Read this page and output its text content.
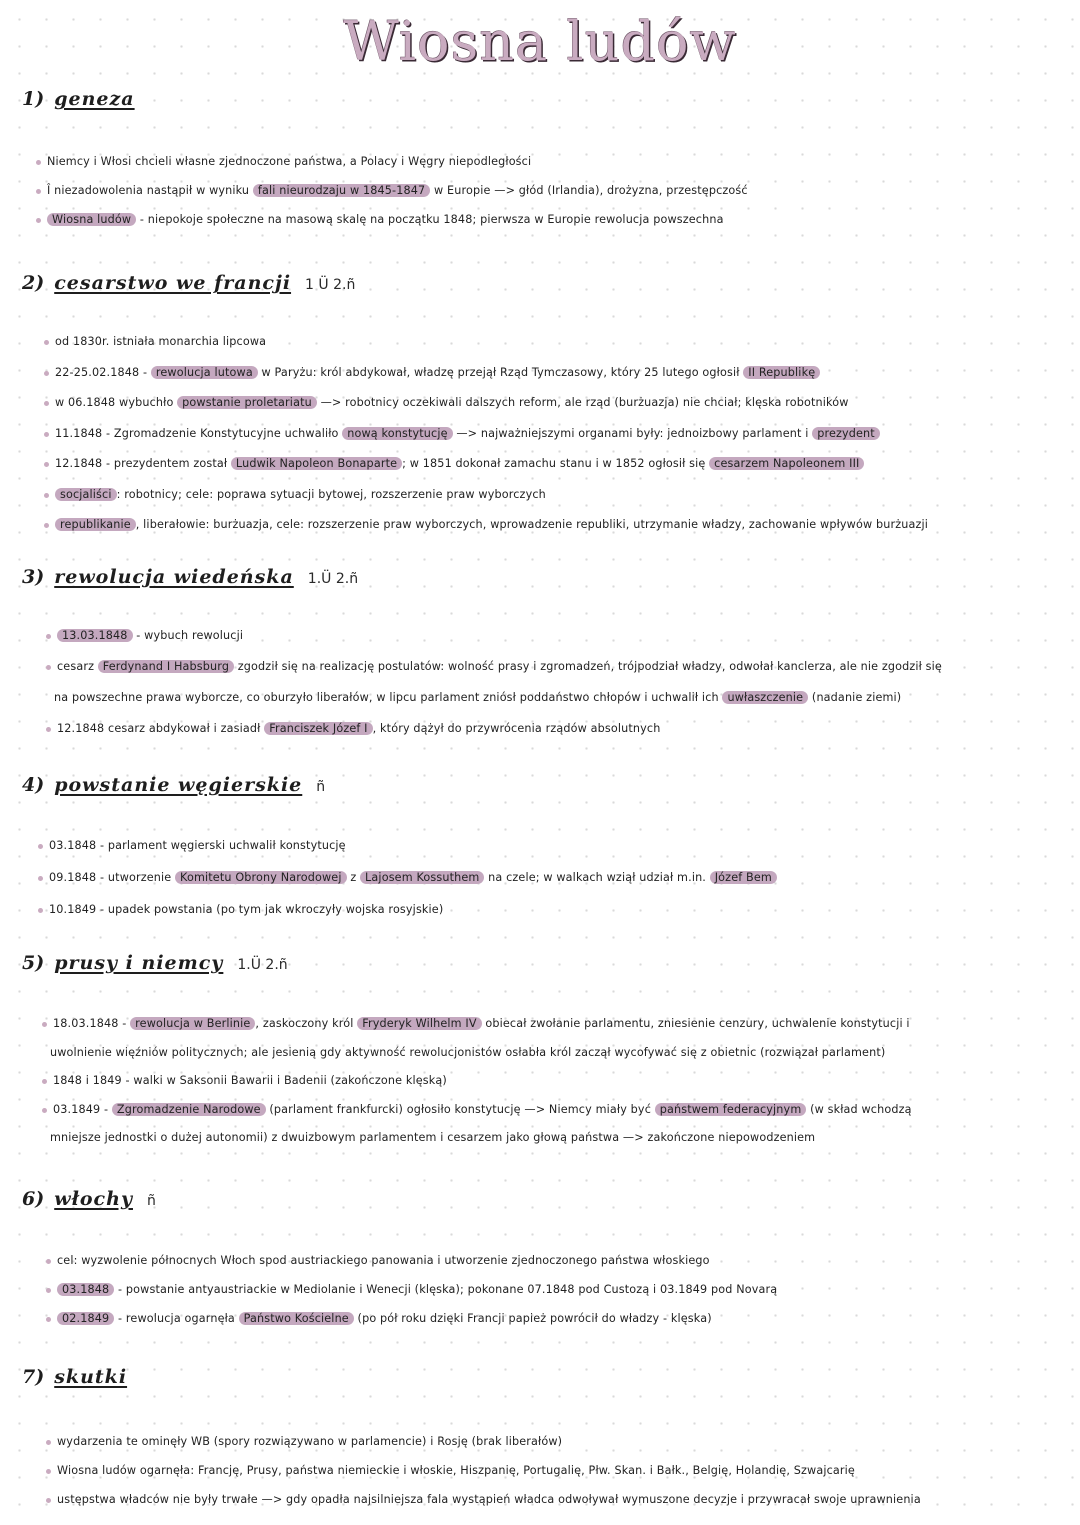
Wiosna ludów
1) geneza
Niemcy i Włosi chcieli własne zjednoczone państwa, a Polacy i Węgry niepodległości
Î niezadowolenia nastąpił w wyniku fali nieurodzaju w 1845-1847 w Europie —> głód (Irlandia), drożyzna, przestępczość
Wiosna ludów - niepokoje społeczne na masową skalę na początku 1848; pierwsza w Europie rewolucja powszechna
2) cesarstwo we francji 1 Ü 2.ñ
od 1830r. istniała monarchia lipcowa
22-25.02.1848 - rewolucja lutowa w Paryżu: król abdykował, władzę przejął Rząd Tymczasowy, który 25 lutego ogłosił II Republikę
w 06.1848 wybuchło powstanie proletariatu —> robotnicy oczekiwali dalszych reform, ale rząd (burżuazja) nie chciał; klęska robotników
11.1848 - Zgromadzenie Konstytucyjne uchwaliło nową konstytucję —> najważniejszymi organami były: jednoizbowy parlament i prezydent
12.1848 - prezydentem został Ludwik Napoleon Bonaparte ; w 1851 dokonał zamachu stanu i w 1852 ogłosił się cesarzem Napoleonem III
socjaliści : robotnicy; cele: poprawa sytuacji bytowej, rozszerzenie praw wyborczych
republikanie , liberałowie: burżuazja, cele: rozszerzenie praw wyborczych, wprowadzenie republiki, utrzymanie władzy, zachowanie wpływów burżuazji
3) rewolucja wiedeńska 1.Ü 2.ñ
13.03.1848 - wybuch rewolucji
cesarz Ferdynand I Habsburg zgodził się na realizację postulatów: wolność prasy i zgromadzeń, trójpodział władzy, odwołał kanclerza, ale nie zgodził się
na powszechne prawa wyborcze, co oburzyło liberałów, w lipcu parlament zniósł poddaństwo chłopów i uchwalił ich uwłaszczenie (nadanie ziemi)
12.1848 cesarz abdykował i zasiadł Franciszek Józef I , który dążył do przywrócenia rządów absolutnych
4) powstanie węgierskie ñ
03.1848 - parlament węgierski uchwalił konstytucję
09.1848 - utworzenie Komitetu Obrony Narodowej z Lajosem Kossuthem na czele; w walkach wziął udział m.in. Józef Bem
10.1849 - upadek powstania (po tym jak wkroczyły wojska rosyjskie)
5) prusy i niemcy 1.Ü 2.ñ
18.03.1848 - rewolucja w Berlinie , zaskoczony król Fryderyk Wilhelm IV obiecał zwołanie parlamentu, zniesienie cenzury, uchwalenie konstytucji i
uwolnienie więźniów politycznych; ale jesienią gdy aktywność rewolucjonistów osłabła król zaczął wycofywać się z obietnic (rozwiązał parlament)
1848 i 1849 - walki w Saksonii Bawarii i Badenii (zakończone klęską)
03.1849 - Zgromadzenie Narodowe (parlament frankfurcki) ogłosiło konstytucję —> Niemcy miały być państwem federacyjnym (w skład wchodzą
mniejsze jednostki o dużej autonomii) z dwuizbowym parlamentem i cesarzem jako głową państwa —> zakończone niepowodzeniem
6) włochy ñ
cel: wyzwolenie północnych Włoch spod austriackiego panowania i utworzenie zjednoczonego państwa włoskiego
03.1848 - powstanie antyaustriackie w Mediolanie i Wenecji (klęska); pokonane 07.1848 pod Custozą i 03.1849 pod Novarą
02.1849 - rewolucja ogarnęła Państwo Kościelne (po pół roku dzięki Francji papież powrócił do władzy - klęska)
7) skutki
wydarzenia te ominęły WB (spory rozwiązywano w parlamencie) i Rosję (brak liberałów)
Wiosna ludów ogarnęła: Francję, Prusy, państwa niemieckie i włoskie, Hiszpanię, Portugalię, Płw. Skan. i Bałk., Belgię, Holandię, Szwajcarię
ustępstwa władców nie były trwałe —> gdy opadła najsilniejsza fala wystąpień władca odwoływał wymuszone decyzje i przywracał swoje uprawnienia
